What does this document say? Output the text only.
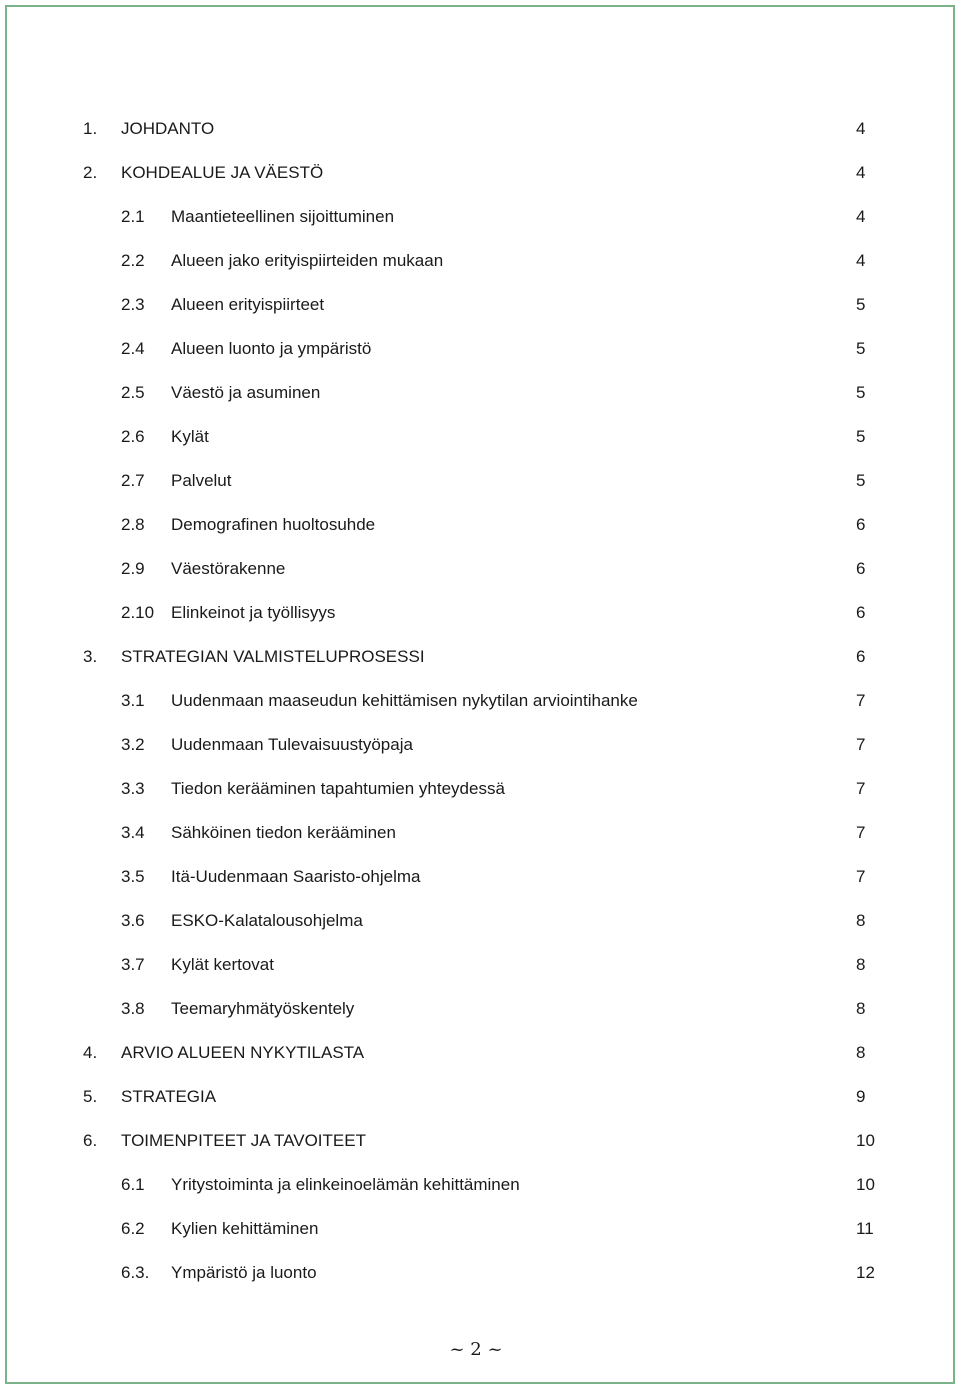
1. JOHDANTO	4
2. KOHDEALUE JA VÄESTÖ	4
2.1 Maantieteellinen sijoittuminen	4
2.2 Alueen jako erityispiirteiden mukaan	4
2.3 Alueen erityispiirteet	5
2.4 Alueen luonto ja ympäristö	5
2.5 Väestö ja asuminen	5
2.6 Kylät	5
2.7 Palvelut	5
2.8 Demografinen huoltosuhde	6
2.9 Väestörakenne	6
2.10 Elinkeinot ja työllisyys	6
3. STRATEGIAN VALMISTELUPROSESSI	6
3.1 Uudenmaan maaseudun kehittämisen nykytilan arviointihanke	7
3.2 Uudenmaan Tulevaisuustyöpaja	7
3.3 Tiedon kerääminen tapahtumien yhteydessä	7
3.4 Sähköinen tiedon kerääminen	7
3.5 Itä-Uudenmaan Saaristo-ohjelma	7
3.6 ESKO-Kalatalousohjelma	8
3.7 Kylät kertovat	8
3.8 Teemaryhmätyöskentely	8
4. ARVIO ALUEEN NYKYTILASTA	8
5. STRATEGIA	9
6. TOIMENPITEET JA TAVOITEET	10
6.1 Yritystoiminta ja elinkeinoelämän kehittäminen	10
6.2 Kylien kehittäminen	11
6.3. Ympäristö ja luonto	12
~ 2 ~
